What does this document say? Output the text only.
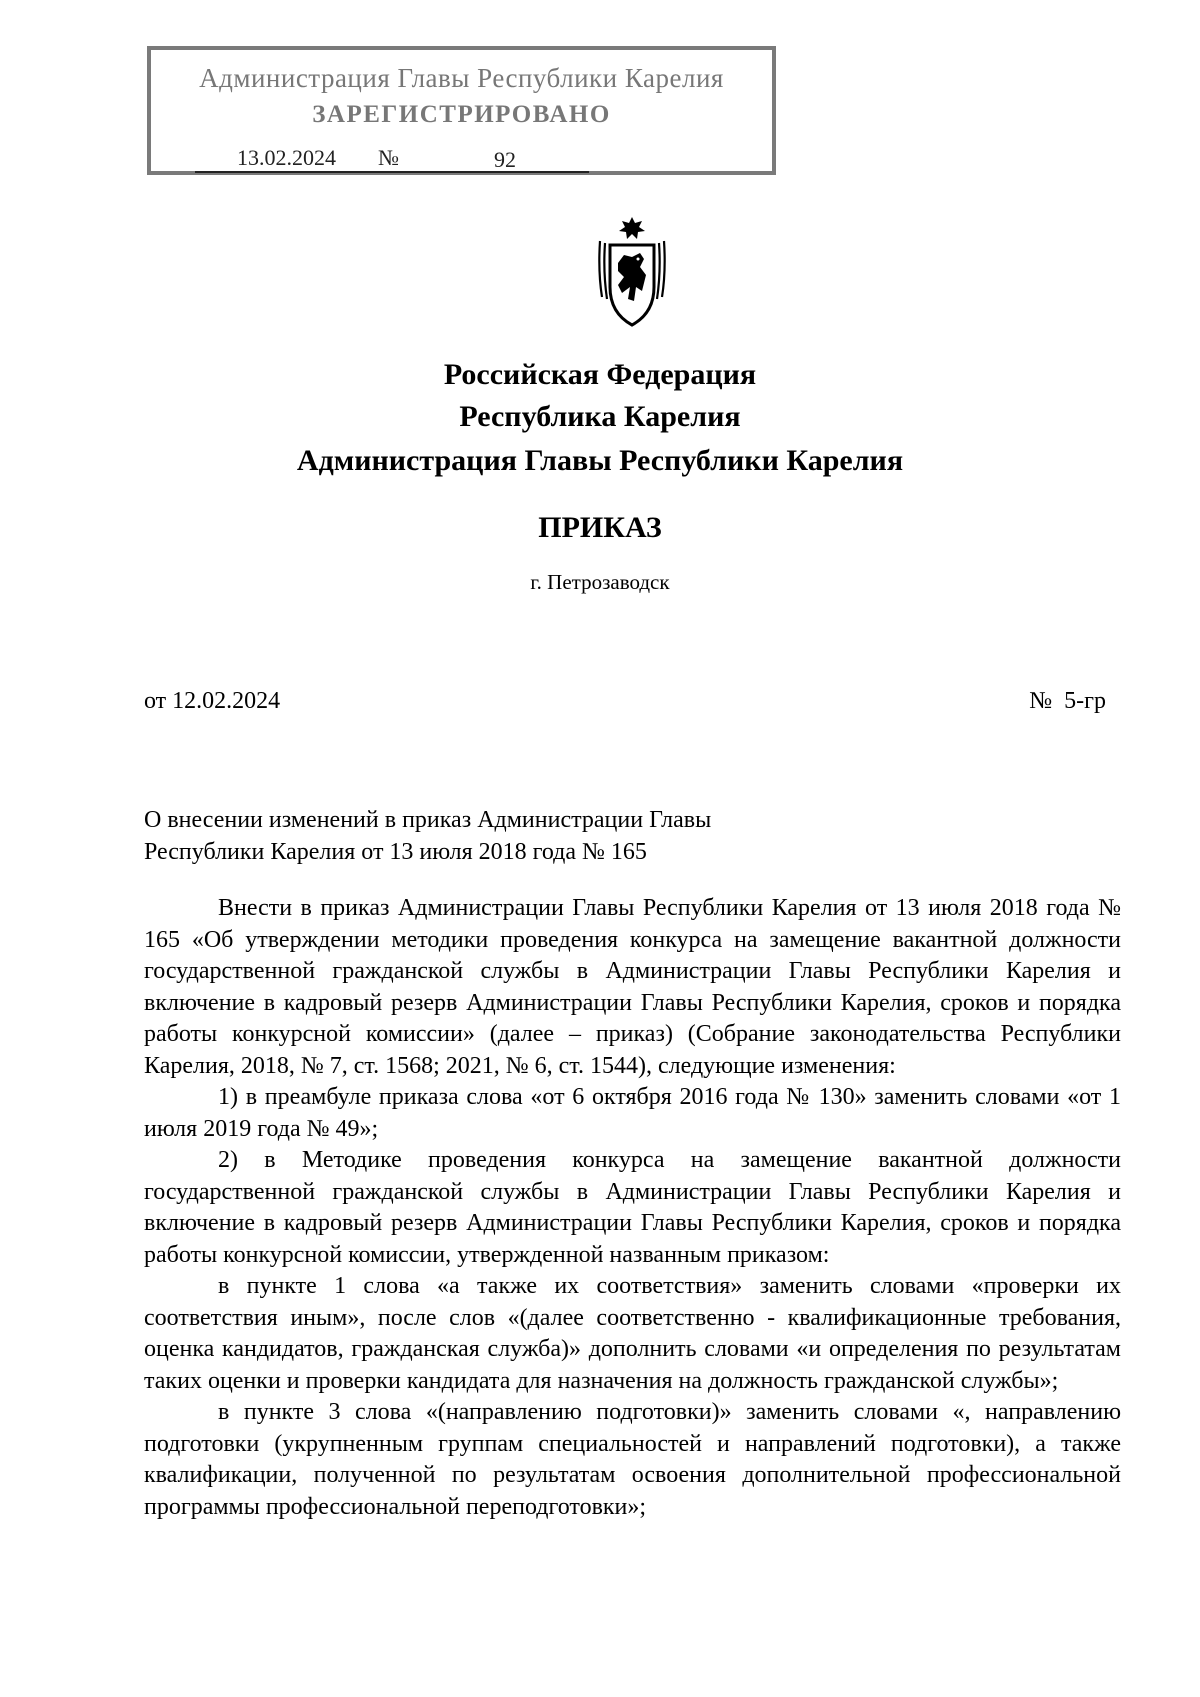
Администрация Главы Республики Карелия
ЗАРЕГИСТРИРОВАНО
13.02.2024 №	92
Российская Федерация
Республика Карелия
Администрация Главы Республики Карелия
ПРИКАЗ
г. Петрозаводск
от 12.02.2024	№  5-гр
О внесении изменений в приказ Администрации Главы
Республики Карелия от 13 июля 2018 года № 165

Внести в приказ Администрации Главы Республики Карелия от 13 июля 2018 года № 165 «Об утверждении методики проведения конкурса на замещение вакантной должности государственной гражданской службы в Администрации Главы Республики Карелия и включение в кадровый резерв Администрации Главы Республики Карелия, сроков и порядка работы конкурсной комиссии» (далее – приказ) (Собрание законодательства Республики Карелия, 2018, № 7, ст. 1568; 2021, № 6, ст. 1544), следующие изменения:

1) в преамбуле приказа слова «от 6 октября 2016 года № 130» заменить словами «от 1 июля 2019 года № 49»;

2) в Методике проведения конкурса на замещение вакантной должности государственной гражданской службы в Администрации Главы Республики Карелия и включение в кадровый резерв Администрации Главы Республики Карелия, сроков и порядка работы конкурсной комиссии, утвержденной названным приказом:

в пункте 1 слова «а также их соответствия» заменить словами «проверки их соответствия иным», после слов «(далее соответственно - квалификационные требования, оценка кандидатов, гражданская служба)» дополнить словами «и определения по результатам таких оценки и проверки кандидата для назначения на должность гражданской службы»;

в пункте 3 слова «(направлению подготовки)» заменить словами «, направлению подготовки (укрупненным группам специальностей и направлений подготовки), а также квалификации, полученной по результатам освоения дополнительной профессиональной программы профессиональной переподготовки»;
